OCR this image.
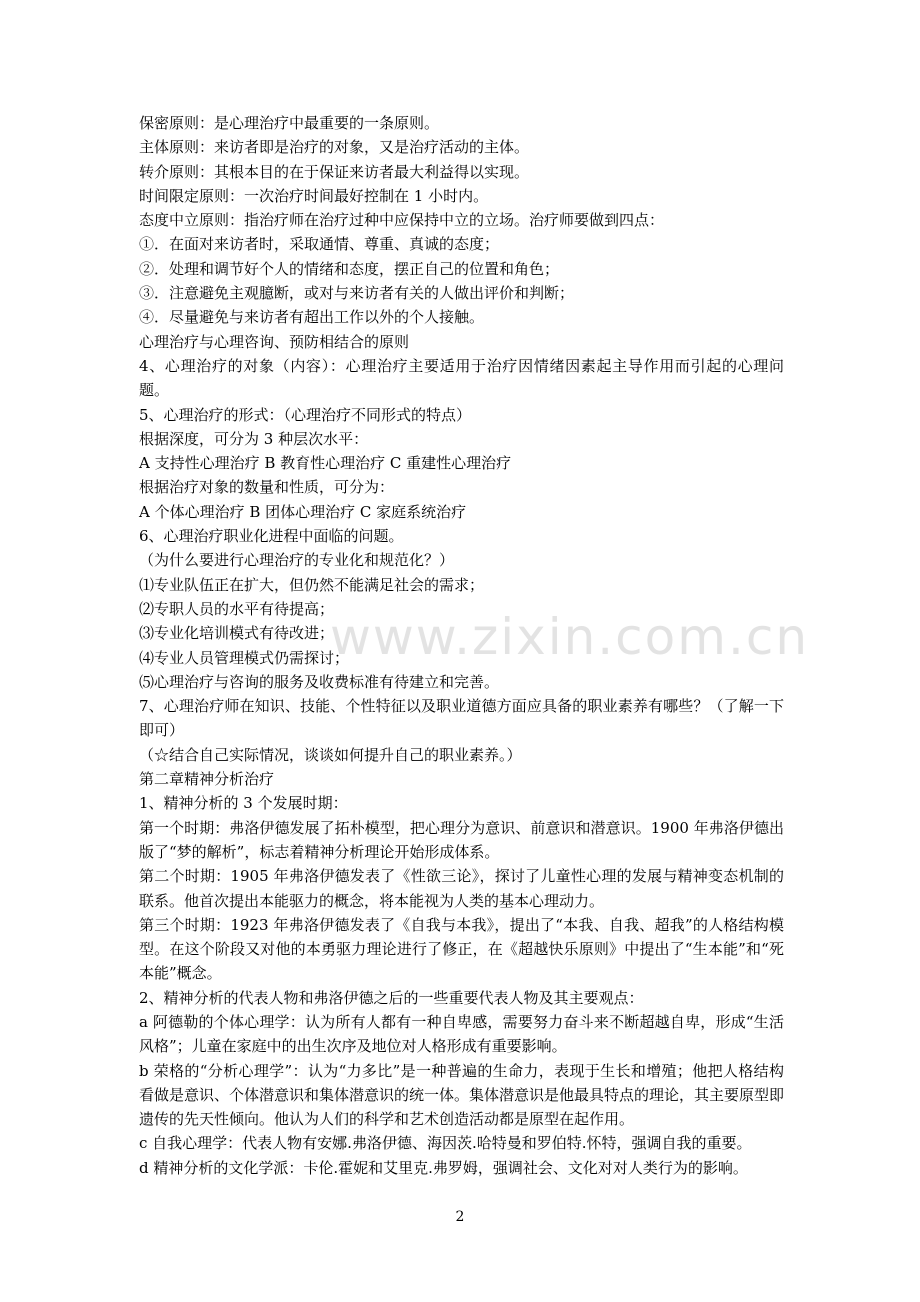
保密原则：是心理治疗中最重要的一条原则。

主体原则：来访者即是治疗的对象，又是治疗活动的主体。

转介原则：其根本目的在于保证来访者最大利益得以实现。

时间限定原则：一次治疗时间最好控制在 1 小时内。

态度中立原则：指治疗师在治疗过种中应保持中立的立场。治疗师要做到四点：

①．在面对来访者时，采取通情、尊重、真诚的态度；

②．处理和调节好个人的情绪和态度，摆正自己的位置和角色；

③．注意避免主观臆断，或对与来访者有关的人做出评价和判断；

④．尽量避免与来访者有超出工作以外的个人接触。

心理治疗与心理咨询、预防相结合的原则

4、心理治疗的对象（内容）：心理治疗主要适用于治疗因情绪因素起主导作用而引起的心理问题。

5、心理治疗的形式：（心理治疗不同形式的特点）

根据深度，可分为 3 种层次水平：

A 支持性心理治疗 B 教育性心理治疗 C 重建性心理治疗

根据治疗对象的数量和性质，可分为：

A 个体心理治疗 B 团体心理治疗 C 家庭系统治疗

6、心理治疗职业化进程中面临的问题。

（为什么要进行心理治疗的专业化和规范化？）

⑴专业队伍正在扩大，但仍然不能满足社会的需求；

⑵专职人员的水平有待提高；

⑶专业化培训模式有待改进；

⑷专业人员管理模式仍需探讨；

⑸心理治疗与咨询的服务及收费标准有待建立和完善。

7、心理治疗师在知识、技能、个性特征以及职业道德方面应具备的职业素养有哪些？（了解一下即可）

（☆结合自己实际情况，谈谈如何提升自己的职业素养。）

第二章精神分析治疗

1、精神分析的 3 个发展时期：

第一个时期：弗洛伊德发展了拓朴模型，把心理分为意识、前意识和潜意识。1900 年弗洛伊德出版了“梦的解析”，标志着精神分析理论开始形成体系。

第二个时期：1905 年弗洛伊德发表了《性欲三论》，探讨了儿童性心理的发展与精神变态机制的联系。他首次提出本能驱力的概念，将本能视为人类的基本心理动力。

第三个时期：1923 年弗洛伊德发表了《自我与本我》，提出了“本我、自我、超我”的人格结构模型。在这个阶段又对他的本勇驱力理论进行了修正，在《超越快乐原则》中提出了“生本能”和“死本能”概念。

2、精神分析的代表人物和弗洛伊德之后的一些重要代表人物及其主要观点：

a 阿德勒的个体心理学：认为所有人都有一种自卑感，需要努力奋斗来不断超越自卑，形成“生活风格”；儿童在家庭中的出生次序及地位对人格形成有重要影响。

b 荣格的“分析心理学”：认为“力多比”是一种普遍的生命力，表现于生长和增殖；他把人格结构看做是意识、个体潜意识和集体潜意识的统一体。集体潜意识是他最具特点的理论，其主要原型即遗传的先天性倾向。他认为人们的科学和艺术创造活动都是原型在起作用。

c 自我心理学：代表人物有安娜.弗洛伊德、海因茨.哈特曼和罗伯特.怀特，强调自我的重要。

d 精神分析的文化学派：卡伦.霍妮和艾里克.弗罗姆，强调社会、文化对对人类行为的影响。

www.zixin.com.cn
2
